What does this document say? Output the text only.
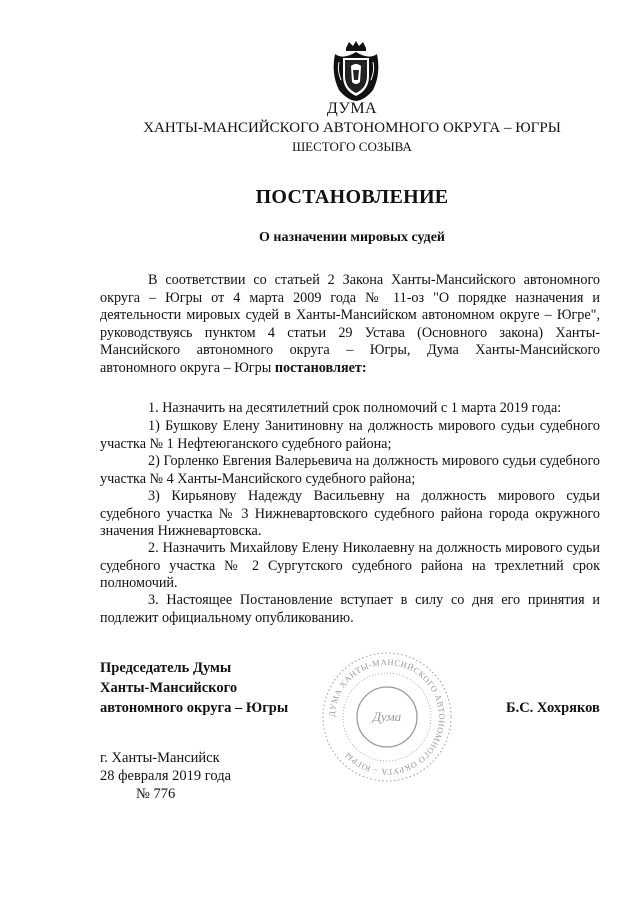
ДУМА
ХАНТЫ-МАНСИЙСКОГО АВТОНОМНОГО ОКРУГА – ЮГРЫ
ШЕСТОГО СОЗЫВА
ПОСТАНОВЛЕНИЕ
О назначении мировых судей
В соответствии со статьей 2 Закона Ханты-Мансийского автономного округа – Югры от 4 марта 2009 года № 11-оз "О порядке назначения и деятельности мировых судей в Ханты-Мансийском автономном округе – Югре", руководствуясь пунктом 4 статьи 29 Устава (Основного закона) Ханты-Мансийского автономного округа – Югры, Дума Ханты-Мансийского автономного округа – Югры постановляет:
1. Назначить на десятилетний срок полномочий с 1 марта 2019 года:
1) Бушкову Елену Занитиновну на должность мирового судьи судебного участка № 1 Нефтеюганского судебного района;
2) Горленко Евгения Валерьевича на должность мирового судьи судебного участка № 4 Ханты-Мансийского судебного района;
3) Кирьянову Надежду Васильевну на должность мирового судьи судебного участка № 3 Нижневартовского судебного района города окружного значения Нижневартовска.
2. Назначить Михайлову Елену Николаевну на должность мирового судьи судебного участка № 2 Сургутского судебного района на трехлетний срок полномочий.
3. Настоящее Постановление вступает в силу со дня его принятия и подлежит официальному опубликованию.
ДУМА ХАНТЫ-МАНСИЙСКОГО АВТОНОМНОГО ОКРУГА – ЮГРЫ
Дума
Председатель Думы
Ханты-Мансийского
автономного округа – Югры	Б.С. Хохряков
г. Ханты-Мансийск
28 февраля 2019 года
№ 776
